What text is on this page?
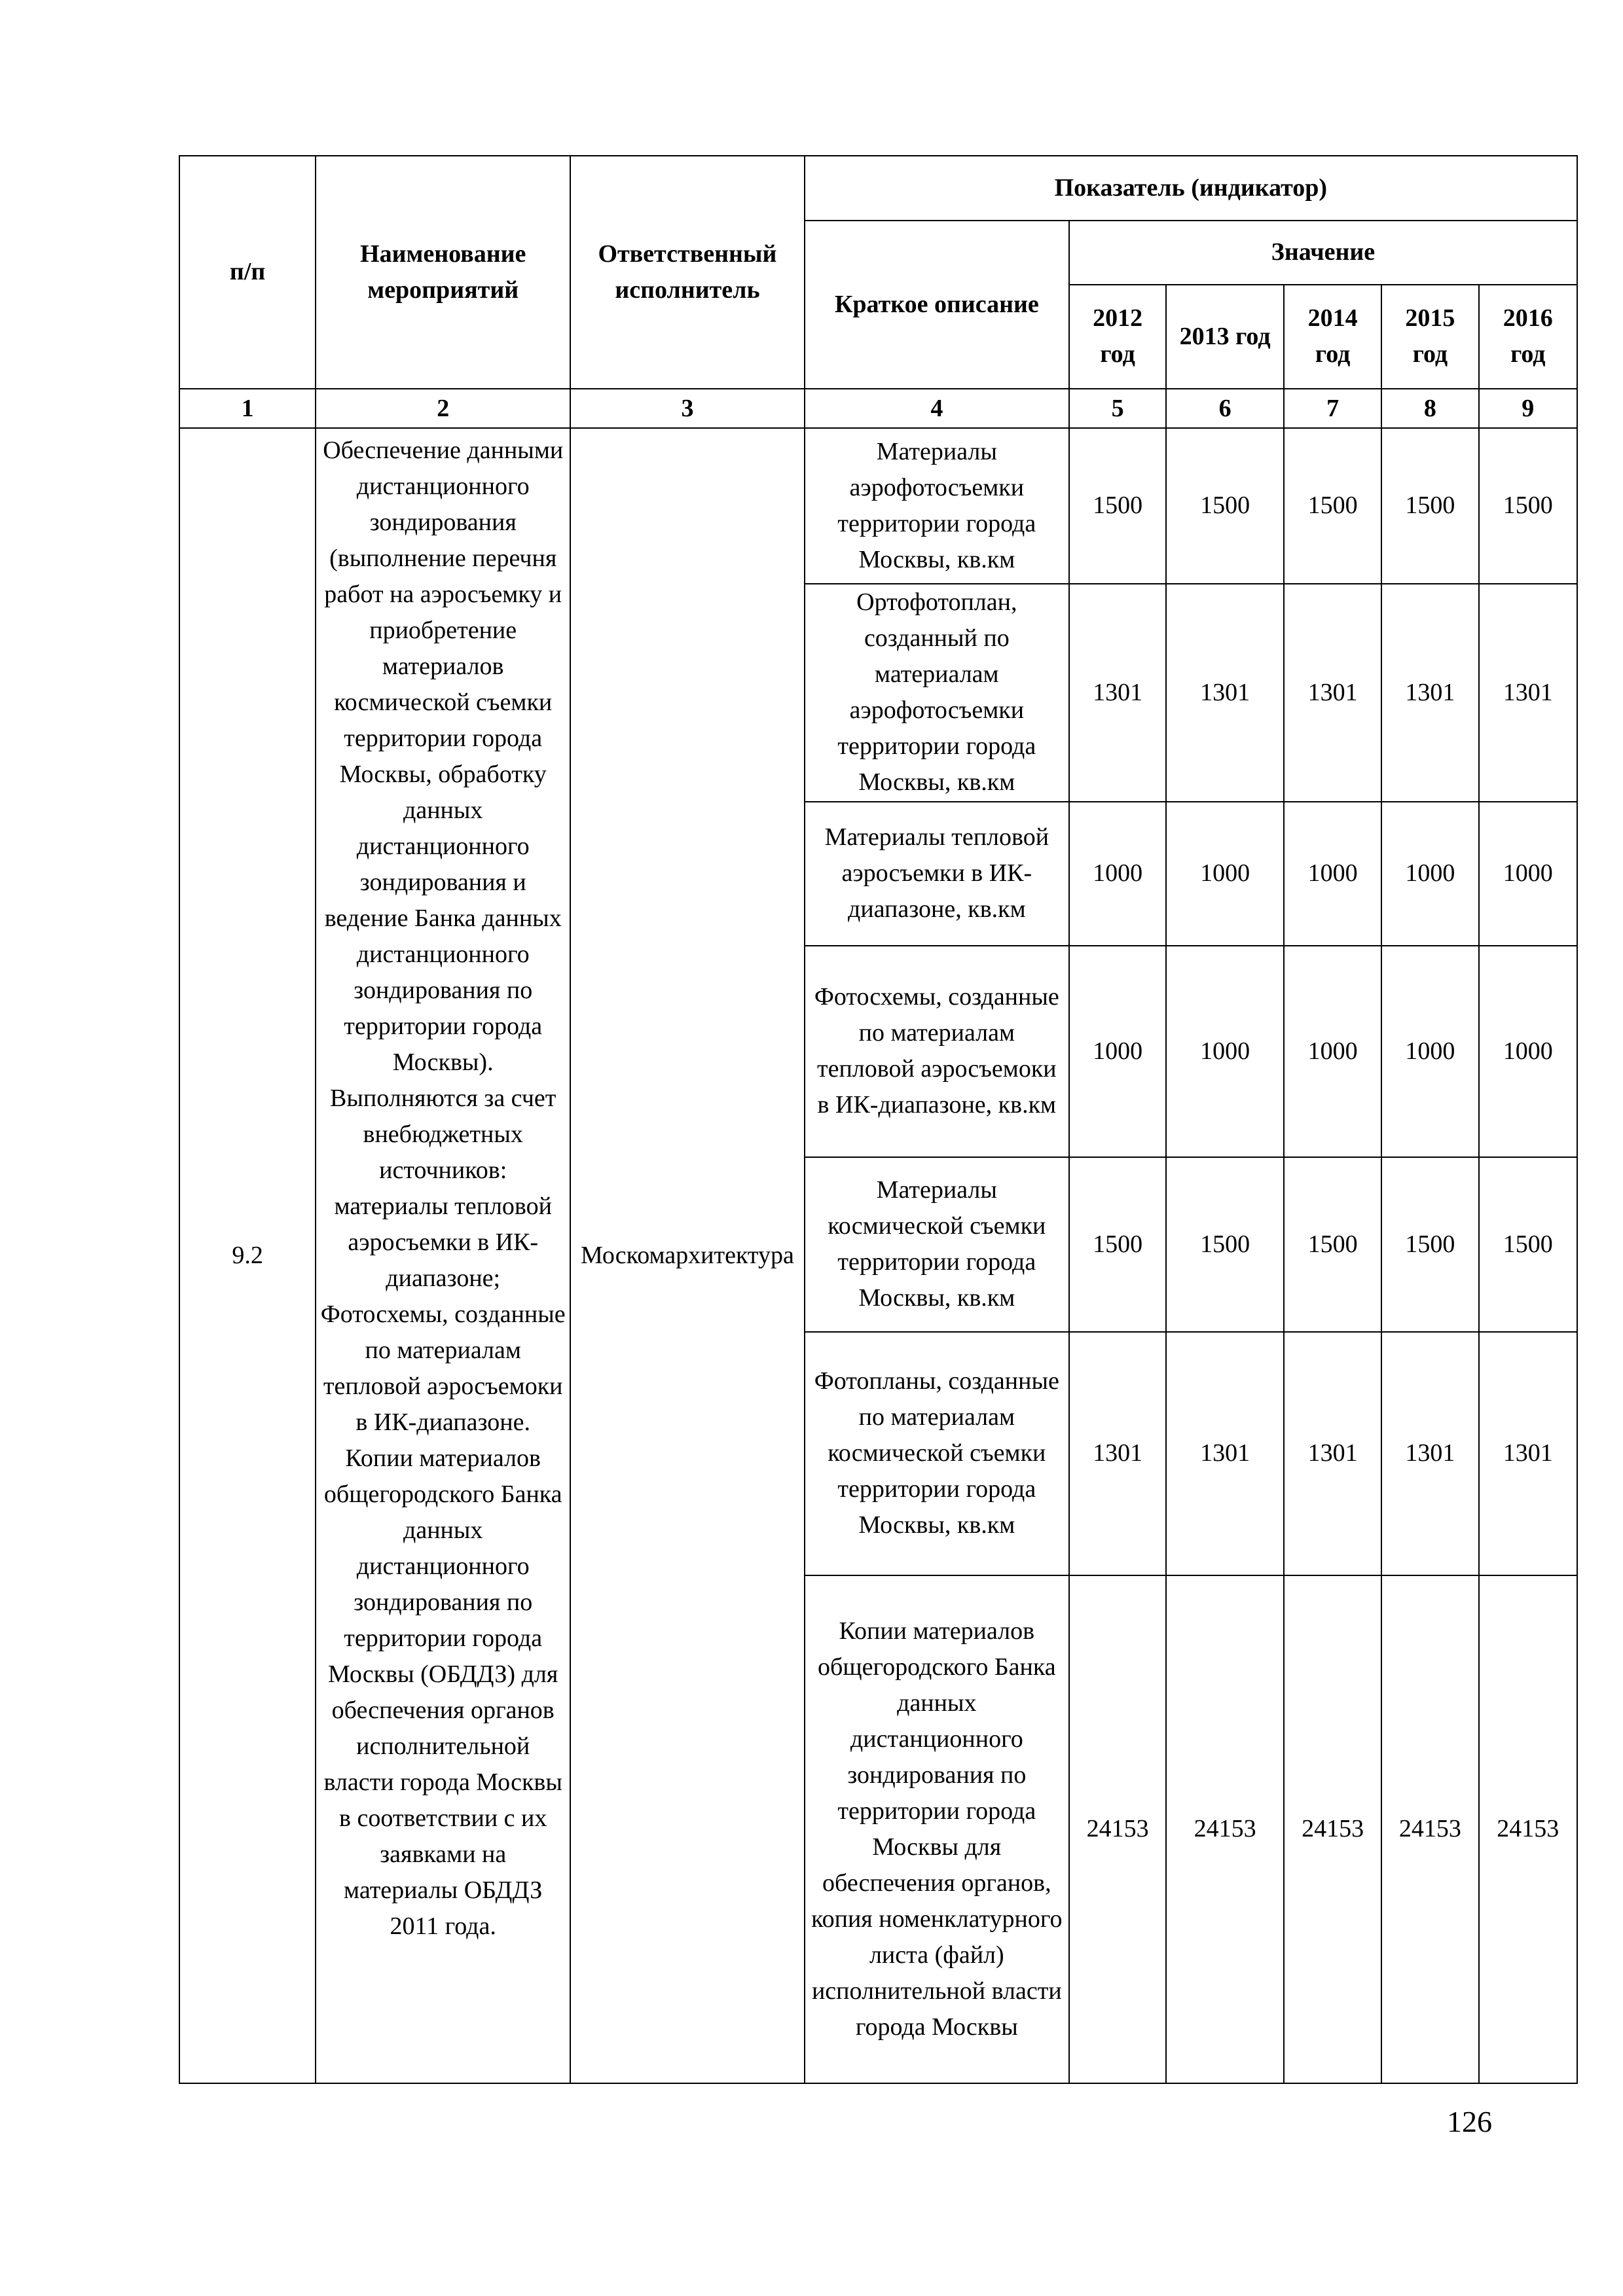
п/п	Наименование мероприятий	Ответственный исполнитель	Показатель (индикатор)					
			Краткое описание	Значение				
				2012 год	2013 год	2014 год	2015 год	2016 год
1	2	3	4	5	6	7	8	9
9.2	Обеспечение данными дистанционного зондирования (выполнение перечня работ на аэросъемку и приобретение материалов космической съемки территории города Москвы, обработку данных дистанционного зондирования и ведение Банка данных дистанционного зондирования по территории города Москвы). Выполняются за счет внебюджетных источников: материалы тепловой аэросъемки в ИК-диапазоне; Фотосхемы, созданные по материалам тепловой аэросъемоки в ИК-диапазоне. Копии материалов общегородского Банка данных дистанционного зондирования по территории города Москвы (ОБДДЗ) для обеспечения органов исполнительной власти города Москвы в соответствии с их заявками на материалы ОБДДЗ 2011 года.	Москомархитектура	Материалы аэрофотосъемки территории города Москвы, кв.км	1500	1500	1500	1500	1500
			Ортофотоплан, созданный по материалам аэрофотосъемки территории города Москвы, кв.км	1301	1301	1301	1301	1301
			Материалы тепловой аэросъемки в ИК-диапазоне, кв.км	1000	1000	1000	1000	1000
			Фотосхемы, созданные по материалам тепловой аэросъемоки в ИК-диапазоне, кв.км	1000	1000	1000	1000	1000
			Материалы космической съемки территории города Москвы, кв.км	1500	1500	1500	1500	1500
			Фотопланы, созданные по материалам космической съемки территории города Москвы, кв.км	1301	1301	1301	1301	1301
			Копии материалов общегородского Банка данных дистанционного зондирования по территории города Москвы для обеспечения органов, копия номенклатурного листа (файл) исполнительной власти города Москвы	24153	24153	24153	24153	24153
126
